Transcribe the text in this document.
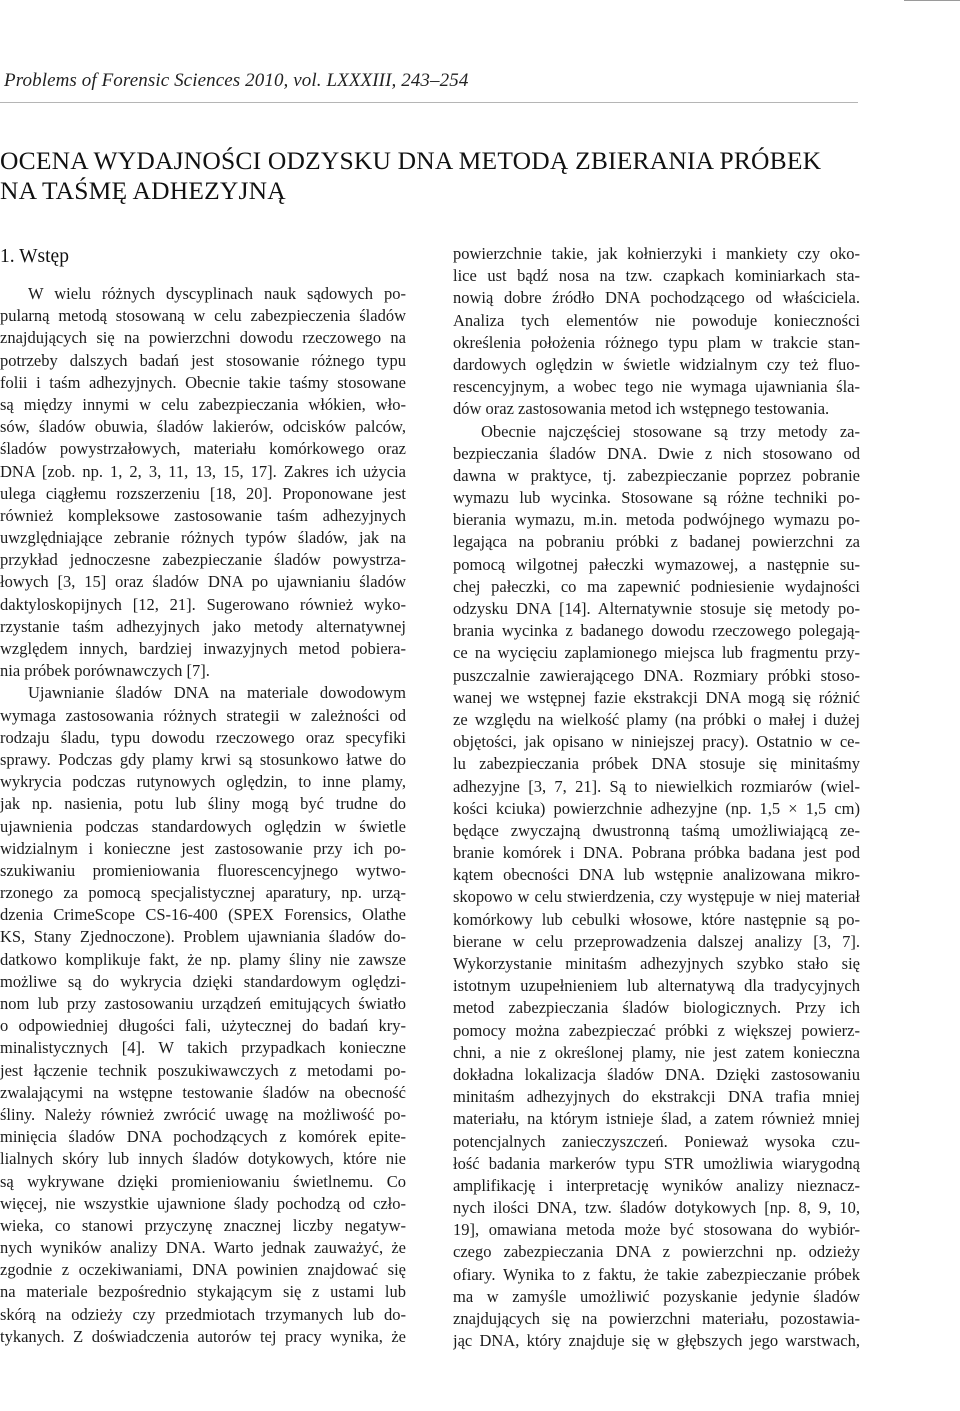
Problems of Forensic Sciences 2010, vol. LXXXIII, 243–254
OCENA WYDAJNOŚCI ODZYSKU DNA METODĄ ZBIERANIA PRÓBEK
NA TAŚMĘ ADHEZYJNĄ
1. Wstęp
W wielu różnych dyscyplinach nauk sądowych po-
pularną metodą stosowaną w celu zabezpieczenia śladów
znajdujących się na powierzchni dowodu rzeczowego na
potrzeby dalszych badań jest stosowanie różnego typu
folii i taśm adhezyjnych. Obecnie takie taśmy stosowane
są między innymi w celu zabezpieczania włókien, wło-
sów, śladów obuwia, śladów lakierów, odcisków palców,
śladów powystrzałowych, materiału komórkowego oraz
DNA [zob. np. 1, 2, 3, 11, 13, 15, 17]. Zakres ich użycia
ulega ciągłemu rozszerzeniu [18, 20]. Proponowane jest
również kompleksowe zastosowanie taśm adhezyjnych
uwzględniające zebranie różnych typów śladów, jak na
przykład jednoczesne zabezpieczanie śladów powystrza-
łowych [3, 15] oraz śladów DNA po ujawnianiu śladów
daktyloskopijnych [12, 21]. Sugerowano również wyko-
rzystanie taśm adhezyjnych jako metody alternatywnej
względem innych, bardziej inwazyjnych metod pobiera-
nia próbek porównawczych [7].
Ujawnianie śladów DNA na materiale dowodowym
wymaga zastosowania różnych strategii w zależności od
rodzaju śladu, typu dowodu rzeczowego oraz specyfiki
sprawy. Podczas gdy plamy krwi są stosunkowo łatwe do
wykrycia podczas rutynowych oględzin, to inne plamy,
jak np. nasienia, potu lub śliny mogą być trudne do
ujawnienia podczas standardowych oględzin w świetle
widzialnym i konieczne jest zastosowanie przy ich po-
szukiwaniu promieniowania fluorescencyjnego wytwo-
rzonego za pomocą specjalistycznej aparatury, np. urzą-
dzenia CrimeScope CS-16-400 (SPEX Forensics, Olathe
KS, Stany Zjednoczone). Problem ujawniania śladów do-
datkowo komplikuje fakt, że np. plamy śliny nie zawsze
możliwe są do wykrycia dzięki standardowym oględzi-
nom lub przy zastosowaniu urządzeń emitujących światło
o odpowiedniej długości fali, użytecznej do badań kry-
minalistycznych [4]. W takich przypadkach konieczne
jest łączenie technik poszukiwawczych z metodami po-
zwalającymi na wstępne testowanie śladów na obecność
śliny. Należy również zwrócić uwagę na możliwość po-
minięcia śladów DNA pochodzących z komórek epite-
lialnych skóry lub innych śladów dotykowych, które nie
są wykrywane dzięki promieniowaniu świetlnemu. Co
więcej, nie wszystkie ujawnione ślady pochodzą od czło-
wieka, co stanowi przyczynę znacznej liczby negatyw-
nych wyników analizy DNA. Warto jednak zauważyć, że
zgodnie z oczekiwaniami, DNA powinien znajdować się
na materiale bezpośrednio stykającym się z ustami lub
skórą na odzieży czy przedmiotach trzymanych lub do-
tykanych. Z doświadczenia autorów tej pracy wynika, że
powierzchnie takie, jak kołnierzyki i mankiety czy oko-
lice ust bądź nosa na tzw. czapkach kominiarkach sta-
nowią dobre źródło DNA pochodzącego od właściciela.
Analiza tych elementów nie powoduje konieczności
określenia położenia różnego typu plam w trakcie stan-
dardowych oględzin w świetle widzialnym czy też fluo-
rescencyjnym, a wobec tego nie wymaga ujawniania śla-
dów oraz zastosowania metod ich wstępnego testowania.
Obecnie najczęściej stosowane są trzy metody za-
bezpieczania śladów DNA. Dwie z nich stosowano od
dawna w praktyce, tj. zabezpieczanie poprzez pobranie
wymazu lub wycinka. Stosowane są różne techniki po-
bierania wymazu, m.in. metoda podwójnego wymazu po-
legająca na pobraniu próbki z badanej powierzchni za
pomocą wilgotnej pałeczki wymazowej, a następnie su-
chej pałeczki, co ma zapewnić podniesienie wydajności
odzysku DNA [14]. Alternatywnie stosuje się metody po-
brania wycinka z badanego dowodu rzeczowego polegają-
ce na wycięciu zaplamionego miejsca lub fragmentu przy-
puszczalnie zawierającego DNA. Rozmiary próbki stoso-
wanej we wstępnej fazie ekstrakcji DNA mogą się różnić
ze względu na wielkość plamy (na próbki o małej i dużej
objętości, jak opisano w niniejszej pracy). Ostatnio w ce-
lu zabezpieczania próbek DNA stosuje się minitaśmy
adhezyjne [3, 7, 21]. Są to niewielkich rozmiarów (wiel-
kości kciuka) powierzchnie adhezyjne (np. 1,5 × 1,5 cm)
będące zwyczajną dwustronną taśmą umożliwiającą ze-
branie komórek i DNA. Pobrana próbka badana jest pod
kątem obecności DNA lub wstępnie analizowana mikro-
skopowo w celu stwierdzenia, czy występuje w niej materiał
komórkowy lub cebulki włosowe, które następnie są po-
bierane w celu przeprowadzenia dalszej analizy [3, 7].
Wykorzystanie minitaśm adhezyjnych szybko stało się
istotnym uzupełnieniem lub alternatywą dla tradycyjnych
metod zabezpieczania śladów biologicznych. Przy ich
pomocy można zabezpieczać próbki z większej powierz-
chni, a nie z określonej plamy, nie jest zatem konieczna
dokładna lokalizacja śladów DNA. Dzięki zastosowaniu
minitaśm adhezyjnych do ekstrakcji DNA trafia mniej
materiału, na którym istnieje ślad, a zatem również mniej
potencjalnych zanieczyszczeń. Ponieważ wysoka czu-
łość badania markerów typu STR umożliwia wiarygodną
amplifikację i interpretację wyników analizy nieznacz-
nych ilości DNA, tzw. śladów dotykowych [np. 8, 9, 10,
19], omawiana metoda może być stosowana do wybiór-
czego zabezpieczania DNA z powierzchni np. odzieży
ofiary. Wynika to z faktu, że takie zabezpieczanie próbek
ma w zamyśle umożliwić pozyskanie jedynie śladów
znajdujących się na powierzchni materiału, pozostawia-
jąc DNA, który znajduje się w głębszych jego warstwach,
